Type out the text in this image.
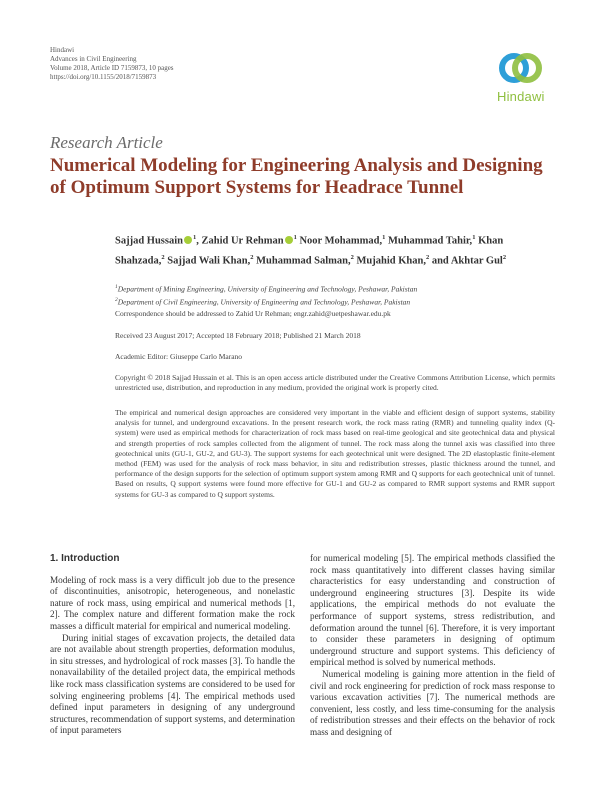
Hindawi
Advances in Civil Engineering
Volume 2018, Article ID 7159873, 10 pages
https://doi.org/10.1155/2018/7159873
Hindawi
Research Article
Numerical Modeling for Engineering Analysis and Designing of Optimum Support Systems for Headrace Tunnel
Sajjad Hussain $^1$, Zahid Ur Rehman $^1$ Noor Mohammad,$^1$ Muhammad Tahir,$^1$ Khan Shahzada,$^2$ Sajjad Wali Khan,$^2$ Muhammad Salman,$^2$ Mujahid Khan,$^2$ and Akhtar Gul$^2$
$^1$Department of Mining Engineering, University of Engineering and Technology, Peshawar, Pakistan
$^2$Department of Civil Engineering, University of Engineering and Technology, Peshawar, Pakistan
Correspondence should be addressed to Zahid Ur Rehman; engr.zahid@uetpeshawar.edu.pk
Received 23 August 2017; Accepted 18 February 2018; Published 21 March 2018
Academic Editor: Giuseppe Carlo Marano
Copyright © 2018 Sajjad Hussain et al. This is an open access article distributed under the Creative Commons Attribution License, which permits unrestricted use, distribution, and reproduction in any medium, provided the original work is properly cited.
The empirical and numerical design approaches are considered very important in the viable and efficient design of support systems, stability analysis for tunnel, and underground excavations. In the present research work, the rock mass rating (RMR) and tunneling quality index (Q-system) were used as empirical methods for characterization of rock mass based on real-time geological and site geotechnical data and physical and strength properties of rock samples collected from the alignment of tunnel. The rock mass along the tunnel axis was classified into three geotechnical units (GU-1, GU-2, and GU-3). The support systems for each geotechnical unit were designed. The 2D elastoplastic finite-element method (FEM) was used for the analysis of rock mass behavior, in situ and redistribution stresses, plastic thickness around the tunnel, and performance of the design supports for the selection of optimum support system among RMR and Q supports for each geotechnical unit of tunnel. Based on results, Q support systems were found more effective for GU-1 and GU-2 as compared to RMR support systems and RMR support systems for GU-3 as compared to Q support systems.
1. Introduction

Modeling of rock mass is a very difficult job due to the presence of discontinuities, anisotropic, heterogeneous, and nonelastic nature of rock mass, using empirical and numerical methods [1, 2]. The complex nature and different formation make the rock masses a difficult material for empirical and numerical modeling.

During initial stages of excavation projects, the detailed data are not available about strength properties, deformation modulus, in situ stresses, and hydrological of rock masses [3]. To handle the nonavailability of the detailed project data, the empirical methods like rock mass classification systems are considered to be used for solving engineering problems [4]. The empirical methods used defined input parameters in designing of any underground structures, recommendation of support systems, and determination of input parameters

for numerical modeling [5]. The empirical methods classified the rock mass quantitatively into different classes having similar characteristics for easy understanding and construction of underground engineering structures [3]. Despite its wide applications, the empirical methods do not evaluate the performance of support systems, stress redistribution, and deformation around the tunnel [6]. Therefore, it is very important to consider these parameters in designing of optimum underground structure and support systems. This deficiency of empirical method is solved by numerical methods.

Numerical modeling is gaining more attention in the field of civil and rock engineering for prediction of rock mass response to various excavation activities [7]. The numerical methods are convenient, less costly, and less time-consuming for the analysis of redistribution stresses and their effects on the behavior of rock mass and designing of
